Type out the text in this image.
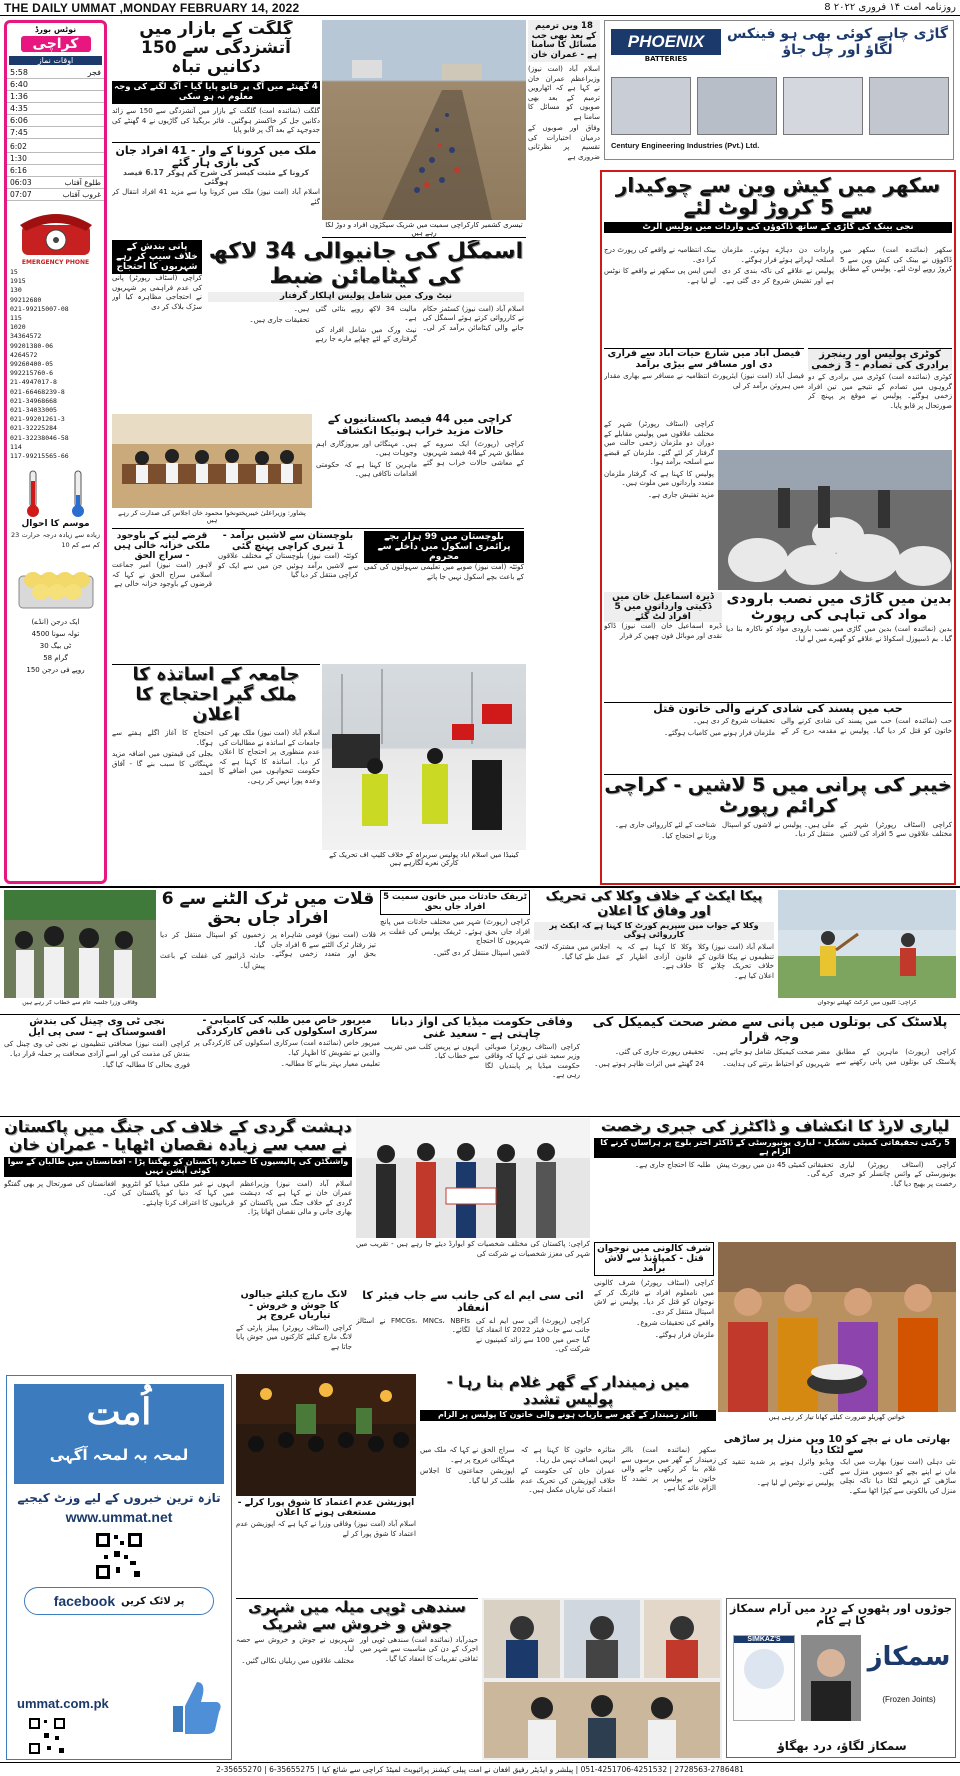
THE DAILY UMMAT ,MONDAY FEBRUARY 14, 2022	روزنامہ امت ۱۴ فروری ۲۰۲۲ 8
نوٹس بورڈ
کراچی
اوقات نماز
فجر
5:58
6:40
1:36
4:35
6:06
7:45
6:02
1:30
6:16
طلوع آفتاب
06:03
غروب آفتاب
07:07
EMERGENCY PHONE
15
1915
130
99212680
021-99215007-08
115
1020
34364572
99201380-06
4264572
99260400-05
992215760-6
21-4947017-8
021-66468239-8
021-34968668
021-34033005
021-99201261-3
021-32225284
021-32238046-58
114
117-99215565-66
موسم کا احوال
زیادہ سے زیادہ درجہ حرارت 23 کم سے کم 10
ایک درجن (انڈے)
تولہ سونا 4500
ٹی بیگ 30
گرام 58
روپے فی درجن 150
PHOENIX
BATTERIES
گاڑی چاہے کوئی بھی ہو فینکس لگاؤ اور چل جاؤ
Century Engineering Industries (Pvt.) Ltd.
18 ویں ترمیم کے بعد بھی جب مسائل کا سامنا ہے - عمران خان

اسلام آباد (امت نیوز) وزیراعظم عمران خان نے کہا ہے کہ اٹھارویں ترمیم کے بعد بھی صوبوں کو مسائل کا سامنا ہے

وفاق اور صوبوں کے درمیان اختیارات کی تقسیم پر نظرثانی ضروری ہے

گلگت کے بازار میں آتشزدگی سے 150 دکانیں تباہ
4 گھنٹے میں آگ پر قابو پایا گیا - آگ لگنے کی وجہ معلوم نہ ہو سکی

گلگت (نمائندہ امت) گلگت کے بازار میں آتشزدگی سے 150 سے زائد دکانیں جل کر خاکستر ہوگئیں۔ فائر بریگیڈ کی گاڑیوں نے 4 گھنٹے کی جدوجہد کے بعد آگ پر قابو پایا

ملک میں کرونا کے وار - 41 افراد جان کی بازی ہار گئے
کرونا کے مثبت کیسز کی شرح کم ہوکر 6.17 فیصد ہوگئی

اسلام آباد (امت نیوز) ملک میں کرونا وبا سے مزید 41 افراد انتقال کر گئے

تیسری کشمیر کارکراچی سمیت میں شریک سیکڑوں افراد و دوڑ لگا رہے ہیں
سکھر میں کیش وین سے چوکیدار سے 5 کروڑ لوٹ لئے
نجی بینک کی گاڑی کے ساتھ ڈاکوؤں کی واردات میں پولیس الرٹ

سکھر (نمائندہ امت) سکھر میں ڈاکوؤں نے بینک کی کیش وین سے 5 کروڑ روپے لوٹ لئے۔ پولیس کے مطابق واردات دن دہاڑے ہوئی۔ ملزمان اسلحہ لہراتے ہوئے فرار ہوگئے۔

پولیس نے علاقے کی ناکہ بندی کر دی ہے اور تفتیش شروع کر دی گئی ہے۔ بینک انتظامیہ نے واقعے کی رپورٹ درج کرا دی۔

ایس ایس پی سکھر نے واقعے کا نوٹس لے لیا ہے۔

فیصل آباد میں شارع حیات آباد سے فراری دی اور مسافر سے بیڑی برآمد

فیصل آباد (امت نیوز) ایئرپورٹ انتظامیہ نے مسافر سے بھاری مقدار میں ہیروئن برآمد کر لی

کوٹری پولیس اور رینجرز برادری کی تصادم - 3 زخمی

کوٹری (نمائندہ امت) کوٹری میں برادری کے دو گروہوں میں تصادم کے نتیجے میں تین افراد زخمی ہوگئے۔ پولیس نے موقع پر پہنچ کر صورتحال پر قابو پایا۔

کراچی (اسٹاف رپورٹر) شہر کے مختلف علاقوں میں پولیس مقابلے کے دوران دو ملزمان زخمی حالت میں گرفتار کر لئے گئے۔ ملزمان کے قبضے سے اسلحہ برآمد ہوا۔

پولیس کا کہنا ہے کہ گرفتار ملزمان متعدد وارداتوں میں ملوث ہیں۔

مزید تفتیش جاری ہے۔

ڈیرہ اسماعیل خان میں ڈکیتی وارداتوں میں 5 افراد لٹ گئے

ڈیرہ اسماعیل خان (امت نیوز) ڈاکو نقدی اور موبائل فون چھین کر فرار

بدین میں گاڑی میں نصب بارودی مواد کی تباہی کی رپورٹ

بدین (نمائندہ امت) بدین میں گاڑی میں نصب بارودی مواد کو ناکارہ بنا دیا گیا۔ بم ڈسپوزل اسکواڈ نے علاقے کو گھیرے میں لے لیا۔

حب میں پسند کی شادی کرنے والی خاتون قتل

حب (نمائندہ امت) حب میں پسند کی شادی کرنے والی خاتون کو قتل کر دیا گیا۔ پولیس نے مقدمہ درج کر کے تحقیقات شروع کر دی ہیں۔

ملزمان فرار ہونے میں کامیاب ہوگئے۔

خیبر کی پرانی میں 5 لاشیں - کراچی کرائم رپورٹ

کراچی (اسٹاف رپورٹر) شہر کے مختلف علاقوں سے 5 افراد کی لاشیں ملی ہیں۔ پولیس نے لاشوں کو اسپتال منتقل کر دیا۔

شناخت کے لئے کارروائی جاری ہے۔

ورثا نے احتجاج کیا۔

پانی بندش کے خلاف سیپ کر رہے شہریوں کا احتجاج

کراچی (اسٹاف رپورٹر) پانی کی عدم فراہمی پر شہریوں نے احتجاجی مظاہرہ کیا اور سڑک بلاک کر دی

اسمگل کی جانیوالی 34 لاکھ کی کیٹامائن ضبط
نیٹ ورک میں شامل پولیس اہلکار گرفتار

اسلام آباد (امت نیوز) کسٹمز حکام نے کارروائی کرتے ہوئے اسمگل کی جانے والی کیٹامائن برآمد کر لی۔ مالیت 34 لاکھ روپے بتائی گئی ہے۔

نیٹ ورک میں شامل افراد کی گرفتاری کے لئے چھاپے مارے جا رہے ہیں۔

تحقیقات جاری ہیں۔

پشاور: وزیراعلیٰ خیبرپختونخوا محمود خان اجلاس کی صدارت کر رہے ہیں
کراچی میں 44 فیصد پاکستانیوں کے حالات مزید خراب ہونیکا انکشاف

کراچی (رپورٹ) ایک سروے کے مطابق شہر کے 44 فیصد شہریوں کے معاشی حالات خراب ہو گئے ہیں۔ مہنگائی اور بیروزگاری اہم وجوہات ہیں۔

ماہرین کا کہنا ہے کہ حکومتی اقدامات ناکافی ہیں۔

قرضے لینے کے باوجود ملکی خزانہ خالی ہیں - سراج الحق

لاہور (امت نیوز) امیر جماعت اسلامی سراج الحق نے کہا کہ قرضوں کے باوجود خزانہ خالی ہے

بلوچستان سے لاشیں برآمد - 1 تیری کراچی پہنچ گئی

کوئٹہ (امت نیوز) بلوچستان کے مختلف علاقوں سے لاشیں برآمد ہوئیں جن میں سے ایک کو کراچی منتقل کر دیا گیا

بلوچستان میں 99 ہزار بچے پرائمری اسکول میں داخلے سے محروم

کوئٹہ (امت نیوز) صوبے میں تعلیمی سہولتوں کی کمی کے باعث بچے اسکول نہیں جا پاتے

جامعہ کے اساتذہ کا ملک گیر احتجاج کا اعلان

اسلام آباد (امت نیوز) ملک بھر کی جامعات کے اساتذہ نے مطالبات کی عدم منظوری پر احتجاج کا اعلان کر دیا۔ اساتذہ کا کہنا ہے کہ حکومت تنخواہوں میں اضافے کا وعدہ پورا نہیں کر رہی۔

احتجاج کا آغاز اگلے ہفتے سے ہوگا۔

بجلی کی قیمتوں میں اضافہ مزید مہنگائی کا سبب بنے گا - آفاق احمد

کینیڈا میں اسلام آباد پولیس سربراہ کے خلاف کلیپ آف تحریک کے کارکن نعرے لگارہے ہیں
وفاقی وزرا جلسہ عام سے خطاب کر رہے ہیں
قلات میں ٹرک الٹنے سے 6 افراد جاں بحق

قلات (امت نیوز) قومی شاہراہ پر تیز رفتار ٹرک الٹنے سے 6 افراد جاں بحق اور متعدد زخمی ہوگئے۔ زخمیوں کو اسپتال منتقل کر دیا گیا۔

حادثہ ڈرائیور کی غفلت کے باعث پیش آیا۔

ٹریفک حادثات میں خاتون سمیت 5 افراد جاں بحق

کراچی (رپورٹ) شہر میں مختلف حادثات میں پانچ افراد جاں بحق ہوئے۔ ٹریفک پولیس کی غفلت پر شہریوں کا احتجاج

لاشیں اسپتال منتقل کر دی گئیں۔

پیکا ایکٹ کے خلاف وکلا کی تحریک اور وفاق کا اعلان
وکلا کے جواب میں سپریم کورٹ کا کہنا ہے کہ ایکٹ پر کارروائی ہوگی

اسلام آباد (امت نیوز) وکلا تنظیموں نے پیکا قانون کے خلاف تحریک چلانے کا اعلان کیا ہے۔

وکلا کا کہنا ہے کہ یہ قانون آزادی اظہار کے خلاف ہے۔

اجلاس میں مشترکہ لائحہ عمل طے کیا گیا۔

کراچی: گلیوں میں کرکٹ کھیلتے نوجوان
نجی ٹی وی چینل کی بندش افسوسناک ہے - سی پی ایل

کراچی (امت نیوز) صحافتی تنظیموں نے نجی ٹی وی چینل کی بندش کی مذمت کی اور اسے آزادی صحافت پر حملہ قرار دیا۔

فوری بحالی کا مطالبہ کیا گیا۔

میرپور خاص میں طلبہ کی کامیابی - سرکاری اسکولوں کی ناقص کارکردگی

میرپور خاص (نمائندہ امت) سرکاری اسکولوں کی کارکردگی پر والدین نے تشویش کا اظہار کیا۔

تعلیمی معیار بہتر بنانے کا مطالبہ۔

وفاقی حکومت میڈیا کی آواز دبانا چاہتی ہے - سعید غنی

کراچی (اسٹاف رپورٹر) صوبائی وزیر سعید غنی نے کہا کہ وفاقی حکومت میڈیا پر پابندیاں لگا رہی ہے۔

انہوں نے پریس کلب میں تقریب سے خطاب کیا۔

پلاسٹک کی بوتلوں میں پانی سے مضر صحت کیمیکل کی وجہ قرار

کراچی (رپورٹ) ماہرین کے مطابق پلاسٹک کی بوتلوں میں پانی رکھنے سے مضر صحت کیمیکل شامل ہو جاتے ہیں۔

شہریوں کو احتیاط برتنے کی ہدایت۔

تحقیقی رپورٹ جاری کی گئی۔

24 گھنٹے میں اثرات ظاہر ہوتے ہیں۔

دہشت گردی کے خلاف کی جنگ میں پاکستان نے سب سے زیادہ نقصان اٹھایا - عمران خان
واشنگٹن کی پالیسیوں کا خمیازہ پاکستان کو بھگتنا پڑا - افغانستان میں طالبان کے سوا کوئی آپشن نہیں

اسلام آباد (امت نیوز) وزیراعظم عمران خان نے کہا ہے کہ دہشت گردی کے خلاف جنگ میں پاکستان کو بھاری جانی و مالی نقصان اٹھانا پڑا۔

انہوں نے غیر ملکی میڈیا کو انٹرویو میں کہا کہ دنیا کو پاکستان کی قربانیوں کا اعتراف کرنا چاہئے۔

افغانستان کی صورتحال پر بھی گفتگو کی۔

کراچی: پاکستان کی مختلف شخصیات کو ایوارڈ دیئے جا رہے ہیں - تقریب میں شہر کی معزز شخصیات نے شرکت کی

لیاری لارڈ کا انکشاف و ڈاکٹرز کی جبری رخصت
5 رکنی تحقیقاتی کمیٹی تشکیل - لیاری یونیورسٹی کے ڈاکٹر اختر بلوچ پر ہراساں کرنے کا الزام ہے

کراچی (اسٹاف رپورٹر) لیاری یونیورسٹی کے وائس چانسلر کو جبری رخصت پر بھیج دیا گیا۔

تحقیقاتی کمیٹی 45 دن میں رپورٹ پیش کرے گی۔

طلبہ کا احتجاج جاری ہے۔

خواتین گھریلو ضرورت کیلئے کھانا تیار کر رہی ہیں
شرف کالونی میں نوجوان قتل - کمپاؤنڈ سے لاش برآمد

کراچی (اسٹاف رپورٹر) شرف کالونی میں نامعلوم افراد نے فائرنگ کر کے نوجوان کو قتل کر دیا۔ پولیس نے لاش اسپتال منتقل کر دی۔

واقعے کی تحقیقات شروع۔

ملزمان فرار ہوگئے۔

آئی سی ایم اے کی جانب سے جاب فیئر کا انعقاد

کراچی (رپورٹ) آئی سی ایم اے کی جانب سے جاب فیئر 2022 کا انعقاد کیا گیا جس میں 100 سے زائد کمپنیوں نے شرکت کی۔

FMCGs، MNCs، NBFIs نے اسٹالز لگائے۔

لانگ مارچ کیلئے جیالوں کا جوش و خروش - تیاریاں عروج پر

کراچی (اسٹاف رپورٹر) پیپلز پارٹی کے لانگ مارچ کیلئے کارکنوں میں جوش پایا جاتا ہے

اُمت
لمحہ بہ لمحہ آگہی
تازہ ترین خبروں کے لیے وزٹ کیجیے
www.ummat.net
پر لائک کریں
facebook
ummat.com.pk
میں زمیندار کے گھر غلام بنا رہا - پولیس تشدد
بااثر زمیندار کے گھر سے بازیاب ہونے والی خاتون کا پولیس پر الزام

سکھر (نمائندہ امت) بااثر زمیندار کے گھر میں برسوں سے غلام بنا کر رکھی جانے والی خاتون نے پولیس پر تشدد کا الزام عائد کیا ہے۔

متاثرہ خاتون کا کہنا ہے کہ انہیں انصاف نہیں مل رہا۔

عمران خان کی حکومت کے خلاف اپوزیشن کی تحریک عدم اعتماد کی تیاریاں مکمل ہیں۔

سراج الحق نے کہا کہ ملک میں مہنگائی عروج پر ہے۔

اپوزیشن جماعتوں کا اجلاس طلب کر لیا گیا۔

بھارتی ماں نے بچے کو 10 ویں منزل پر ساڑھی سے لٹکا دیا

نئی دہلی (امت نیوز) بھارت میں ایک ماں نے اپنے بچے کو دسویں منزل سے ساڑھی کے ذریعے لٹکا دیا تاکہ نچلی منزل کی بالکونی سے کپڑا اٹھا سکے۔

ویڈیو وائرل ہونے پر شدید تنقید کی گئی۔

پولیس نے نوٹس لے لیا ہے۔

اپوزیشن عدم اعتماد کا شوق پورا کرلے - مستعفی ہونے کا اعلان

اسلام آباد (امت نیوز) وفاقی وزرا نے کہا ہے کہ اپوزیشن عدم اعتماد کا شوق پورا کر لے

سندھی ٹوپی میلہ میں شہری جوش و خروش سے شریک

حیدرآباد (نمائندہ امت) سندھی ٹوپی اور اجرک کے دن کی مناسبت سے شہر میں ثقافتی تقریبات کا انعقاد کیا گیا۔

شہریوں نے جوش و خروش سے حصہ لیا۔

مختلف علاقوں میں ریلیاں نکالی گئیں۔

جوڑوں اور پٹھوں کے درد میں آرام سمکاز کا ہے کام
SIMKAZ'S
سمکاز
(Frozen Joints)
سمکاز لگاؤ، درد بھگاؤ
2728563-2786481 | 051-4251706-4251532 | پبلشر و ایڈیٹر رفیق افغان نے امت پبلی کیشنز پرائیویٹ لمیٹڈ کراچی سے شائع کیا | 35655275-6 | 35655270-2
